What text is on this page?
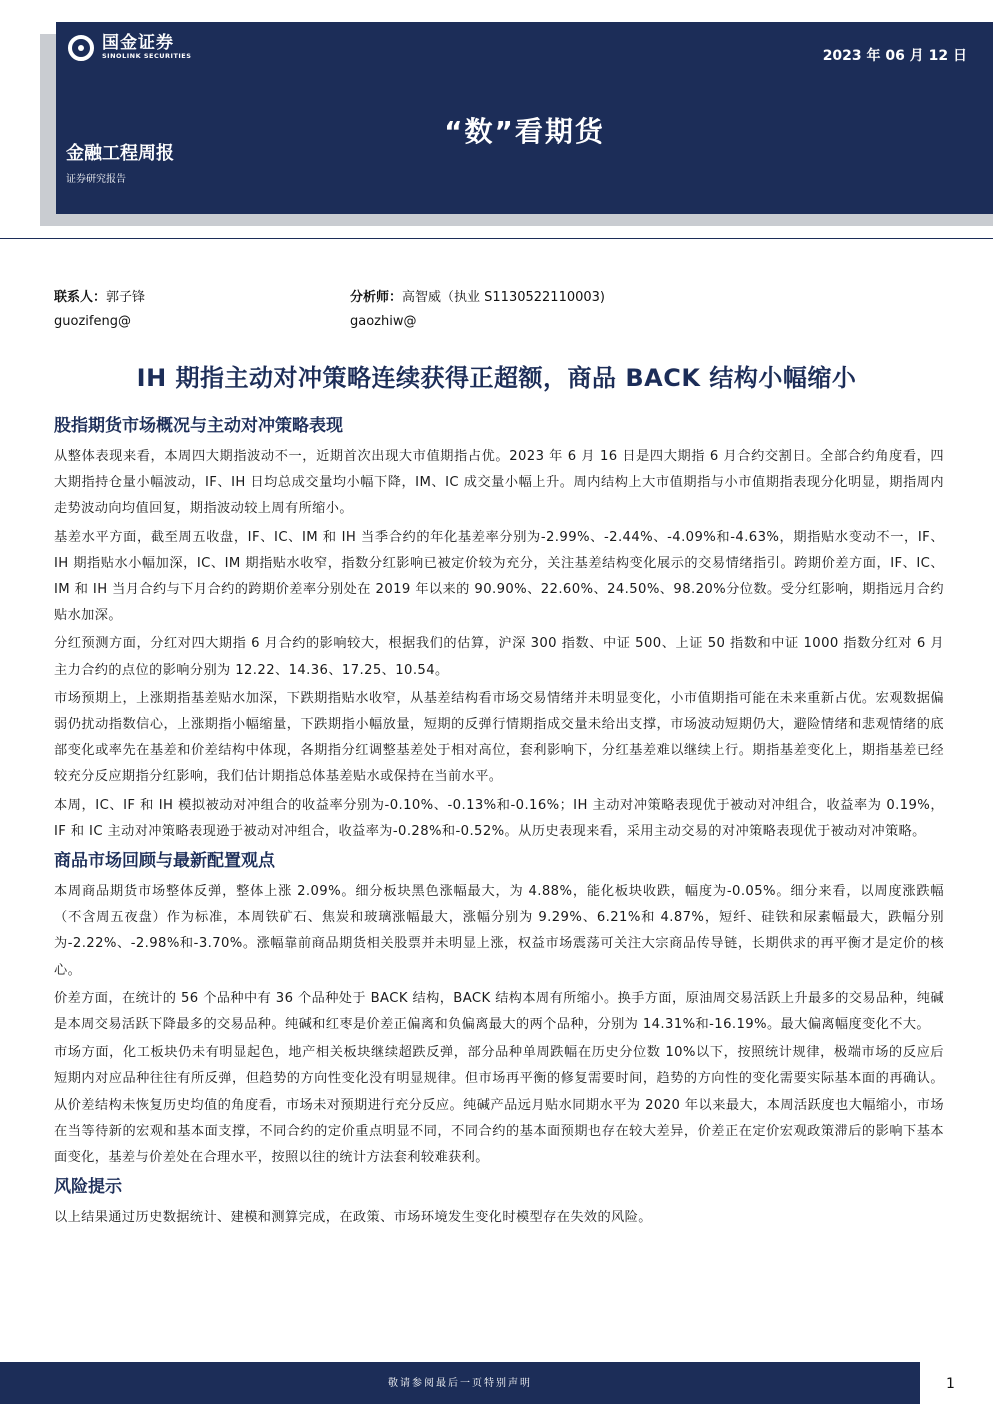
国金证券
SINOLINK SECURITIES	2023 年 06 月 12 日
“数”看期货
金融工程周报
证券研究报告
联系人：郭子锋
guozifeng@
分析师：高智威（执业 S1130522110003)
gaozhiw@
IH 期指主动对冲策略连续获得正超额，商品 BACK 结构小幅缩小
股指期货市场概况与主动对冲策略表现

从整体表现来看，本周四大期指波动不一，近期首次出现大市值期指占优。2023 年 6 月 16 日是四大期指 6 月合约交割日。全部合约角度看，四大期指持仓量小幅波动，IF、IH 日均总成交量均小幅下降，IM、IC 成交量小幅上升。周内结构上大市值期指与小市值期指表现分化明显，期指周内走势波动向均值回复，期指波动较上周有所缩小。

基差水平方面，截至周五收盘，IF、IC、IM 和 IH 当季合约的年化基差率分别为-2.99%、-2.44%、-4.09%和-4.63%，期指贴水变动不一，IF、IH 期指贴水小幅加深，IC、IM 期指贴水收窄，指数分红影响已被定价较为充分，关注基差结构变化展示的交易情绪指引。跨期价差方面，IF、IC、IM 和 IH 当月合约与下月合约的跨期价差率分别处在 2019 年以来的 90.90%、22.60%、24.50%、98.20%分位数。受分红影响，期指远月合约贴水加深。

分红预测方面，分红对四大期指 6 月合约的影响较大，根据我们的估算，沪深 300 指数、中证 500、上证 50 指数和中证 1000 指数分红对 6 月主力合约的点位的影响分别为 12.22、14.36、17.25、10.54。

市场预期上，上涨期指基差贴水加深，下跌期指贴水收窄，从基差结构看市场交易情绪并未明显变化，小市值期指可能在未来重新占优。宏观数据偏弱仍扰动指数信心，上涨期指小幅缩量，下跌期指小幅放量，短期的反弹行情期指成交量未给出支撑，市场波动短期仍大，避险情绪和悲观情绪的底部变化或率先在基差和价差结构中体现，各期指分红调整基差处于相对高位，套利影响下，分红基差难以继续上行。期指基差变化上，期指基差已经较充分反应期指分红影响，我们估计期指总体基差贴水或保持在当前水平。

本周，IC、IF 和 IH 模拟被动对冲组合的收益率分别为-0.10%、-0.13%和-0.16%；IH 主动对冲策略表现优于被动对冲组合，收益率为 0.19%，IF 和 IC 主动对冲策略表现逊于被动对冲组合，收益率为-0.28%和-0.52%。从历史表现来看，采用主动交易的对冲策略表现优于被动对冲策略。

商品市场回顾与最新配置观点

本周商品期货市场整体反弹，整体上涨 2.09%。细分板块黑色涨幅最大，为 4.88%，能化板块收跌，幅度为-0.05%。细分来看，以周度涨跌幅（不含周五夜盘）作为标准，本周铁矿石、焦炭和玻璃涨幅最大，涨幅分别为 9.29%、6.21%和 4.87%，短纤、硅铁和尿素幅最大，跌幅分别为-2.22%、-2.98%和-3.70%。涨幅靠前商品期货相关股票并未明显上涨，权益市场震荡可关注大宗商品传导链，长期供求的再平衡才是定价的核心。

价差方面，在统计的 56 个品种中有 36 个品种处于 BACK 结构，BACK 结构本周有所缩小。换手方面，原油周交易活跃上升最多的交易品种，纯碱是本周交易活跃下降最多的交易品种。纯碱和红枣是价差正偏离和负偏离最大的两个品种，分别为 14.31%和-16.19%。最大偏离幅度变化不大。

市场方面，化工板块仍未有明显起色，地产相关板块继续超跌反弹，部分品种单周跌幅在历史分位数 10%以下，按照统计规律，极端市场的反应后短期内对应品种往往有所反弹，但趋势的方向性变化没有明显规律。但市场再平衡的修复需要时间，趋势的方向性的变化需要实际基本面的再确认。从价差结构未恢复历史均值的角度看，市场未对预期进行充分反应。纯碱产品远月贴水同期水平为 2020 年以来最大，本周活跃度也大幅缩小，市场在当等待新的宏观和基本面支撑，不同合约的定价重点明显不同，不同合约的基本面预期也存在较大差异，价差正在定价宏观政策滞后的影响下基本面变化，基差与价差处在合理水平，按照以往的统计方法套利较难获利。

风险提示

以上结果通过历史数据统计、建模和测算完成，在政策、市场环境发生变化时模型存在失效的风险。

敬请参阅最后一页特别声明	1
